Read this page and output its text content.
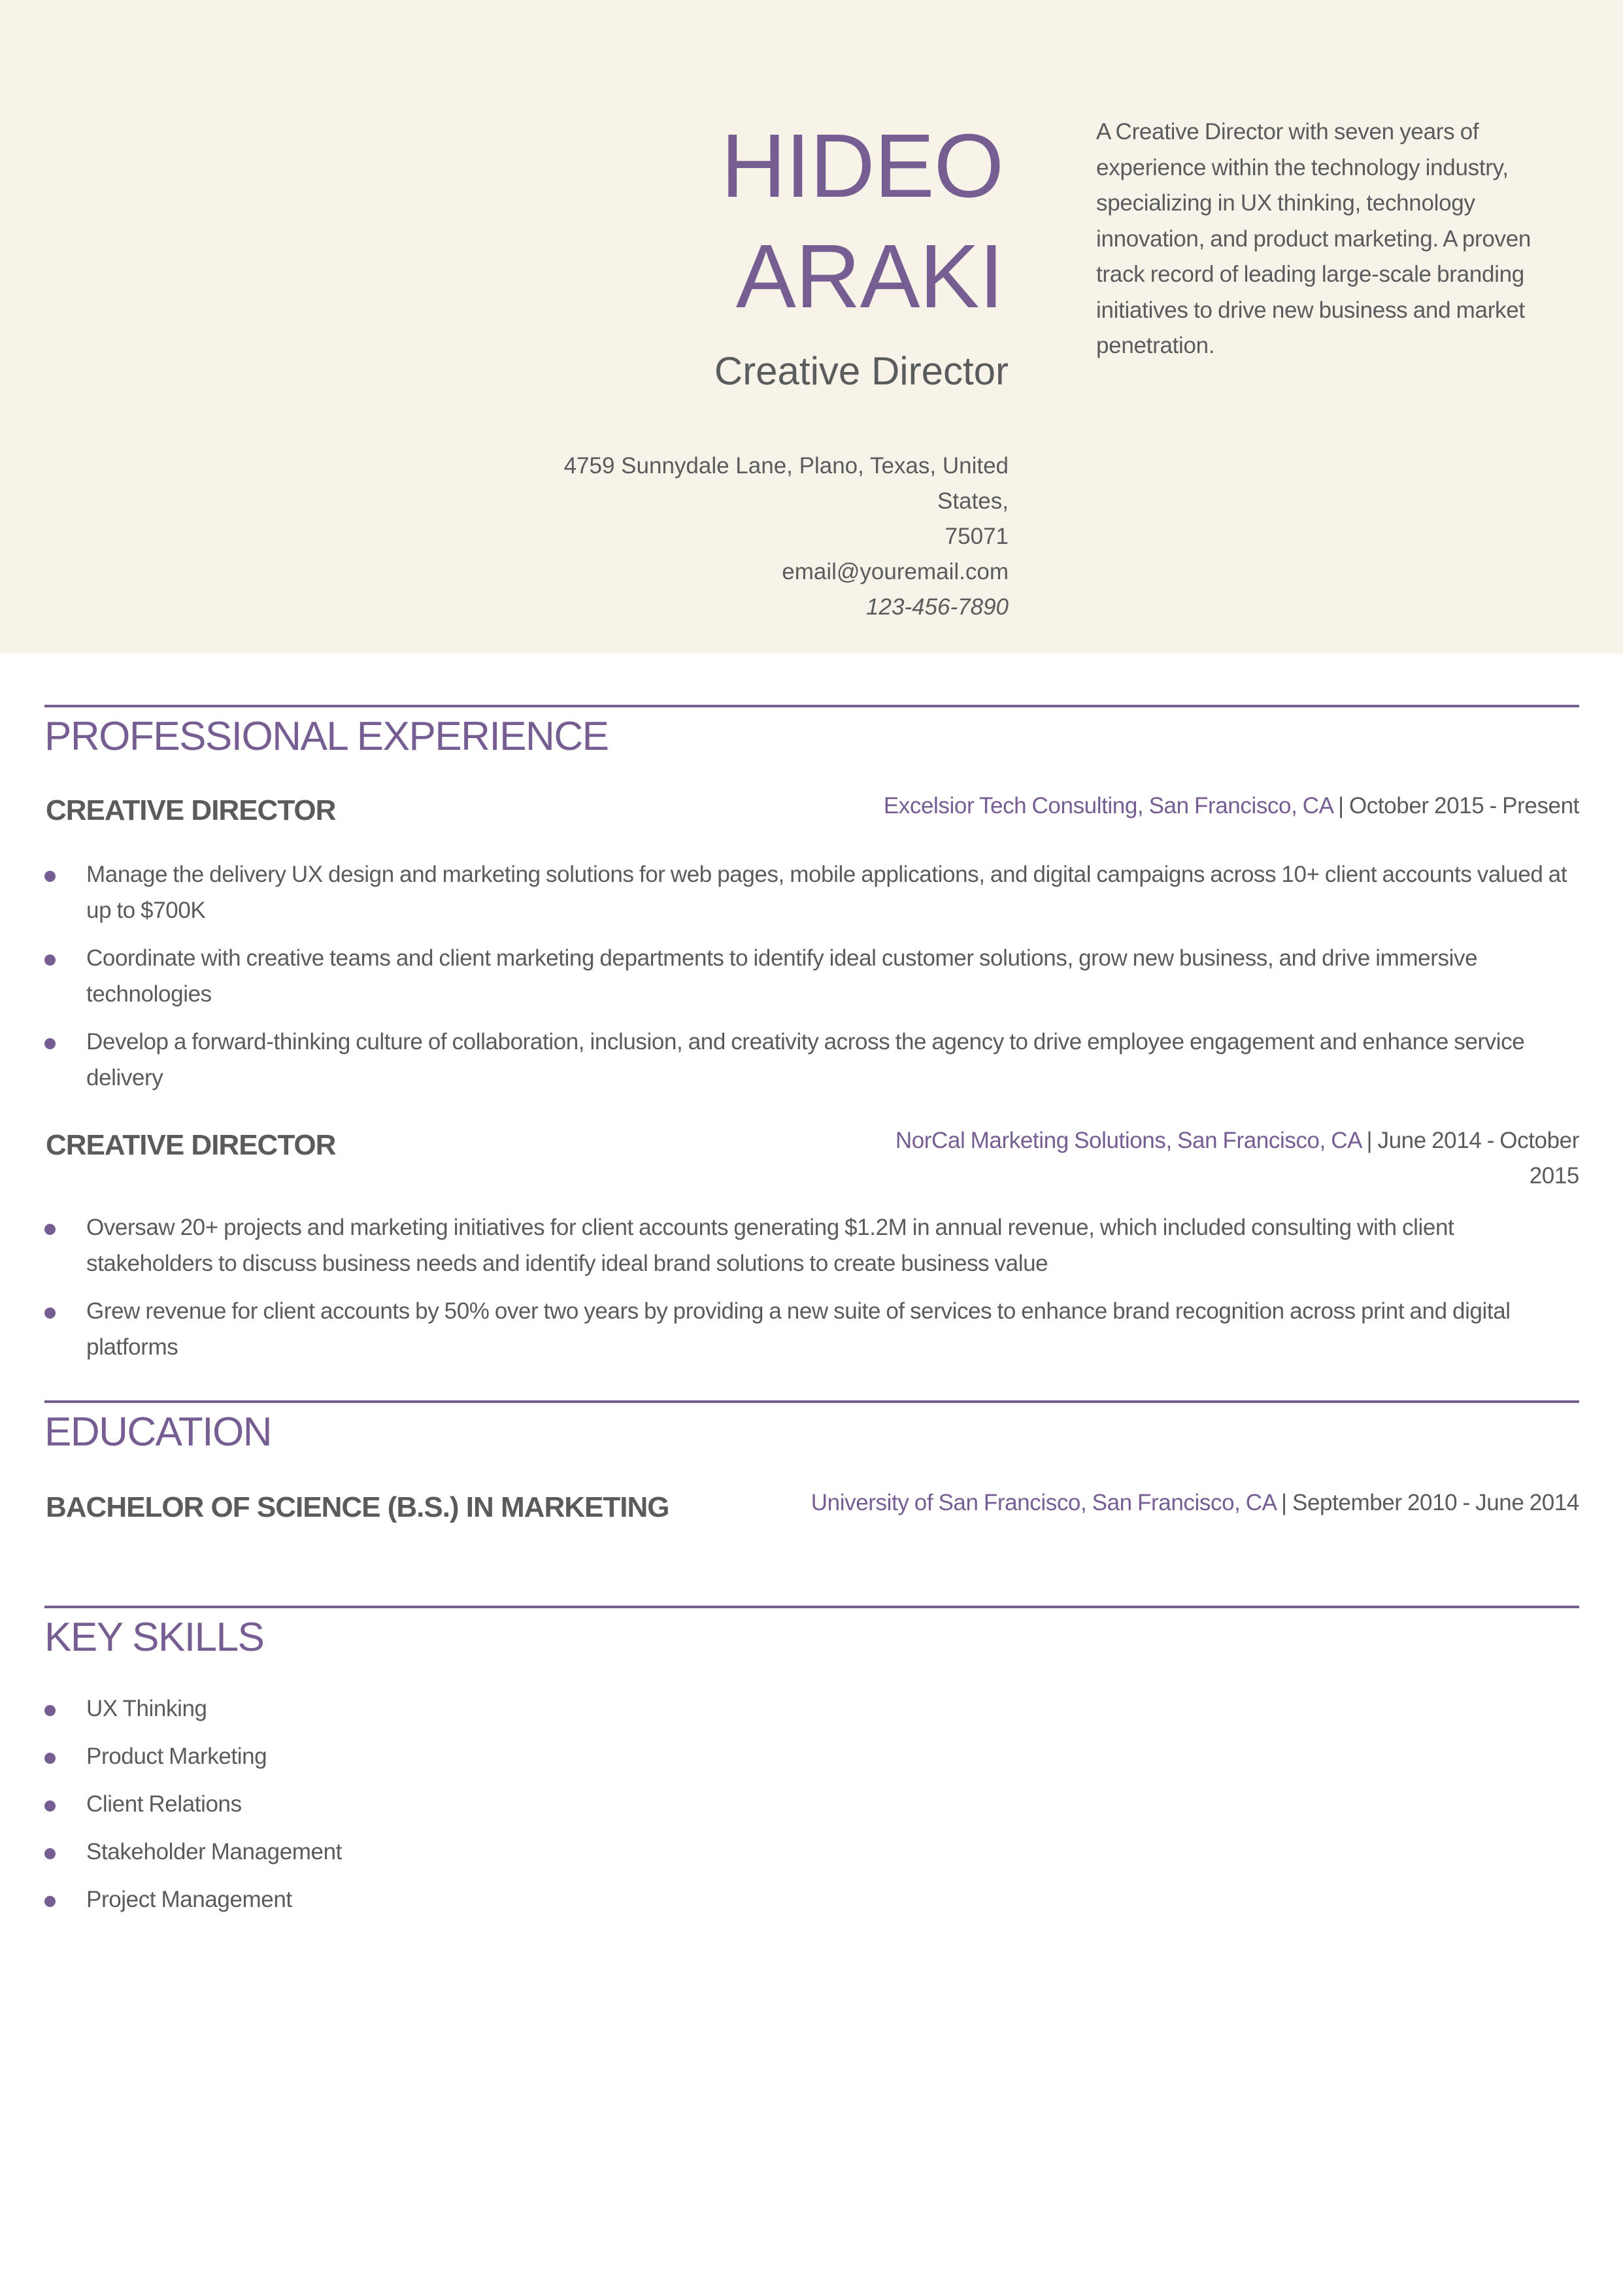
HIDEO
ARAKI
Creative Director
4759 Sunnydale Lane, Plano, Texas, United States,
75071
email@youremail.com
123-456-7890
A Creative Director with seven years of experience within the technology industry, specializing in UX thinking, technology innovation, and product marketing. A proven track record of leading large-scale branding initiatives to drive new business and market penetration.
PROFESSIONAL EXPERIENCE
CREATIVE DIRECTOR	Excelsior Tech Consulting, San Francisco, CA | October 2015 - Present
Manage the delivery UX design and marketing solutions for web pages, mobile applications, and digital campaigns across 10+ client accounts valued at up to $700K
Coordinate with creative teams and client marketing departments to identify ideal customer solutions, grow new business, and drive immersive technologies
Develop a forward-thinking culture of collaboration, inclusion, and creativity across the agency to drive employee engagement and enhance service delivery
CREATIVE DIRECTOR	NorCal Marketing Solutions, San Francisco, CA | June 2014 - October 2015
Oversaw 20+ projects and marketing initiatives for client accounts generating $1.2M in annual revenue, which included consulting with client stakeholders to discuss business needs and identify ideal brand solutions to create business value
Grew revenue for client accounts by 50% over two years by providing a new suite of services to enhance brand recognition across print and digital platforms
EDUCATION
BACHELOR OF SCIENCE (B.S.) IN MARKETING	University of San Francisco, San Francisco, CA | September 2010 - June 2014
KEY SKILLS
UX Thinking
Product Marketing
Client Relations
Stakeholder Management
Project Management
